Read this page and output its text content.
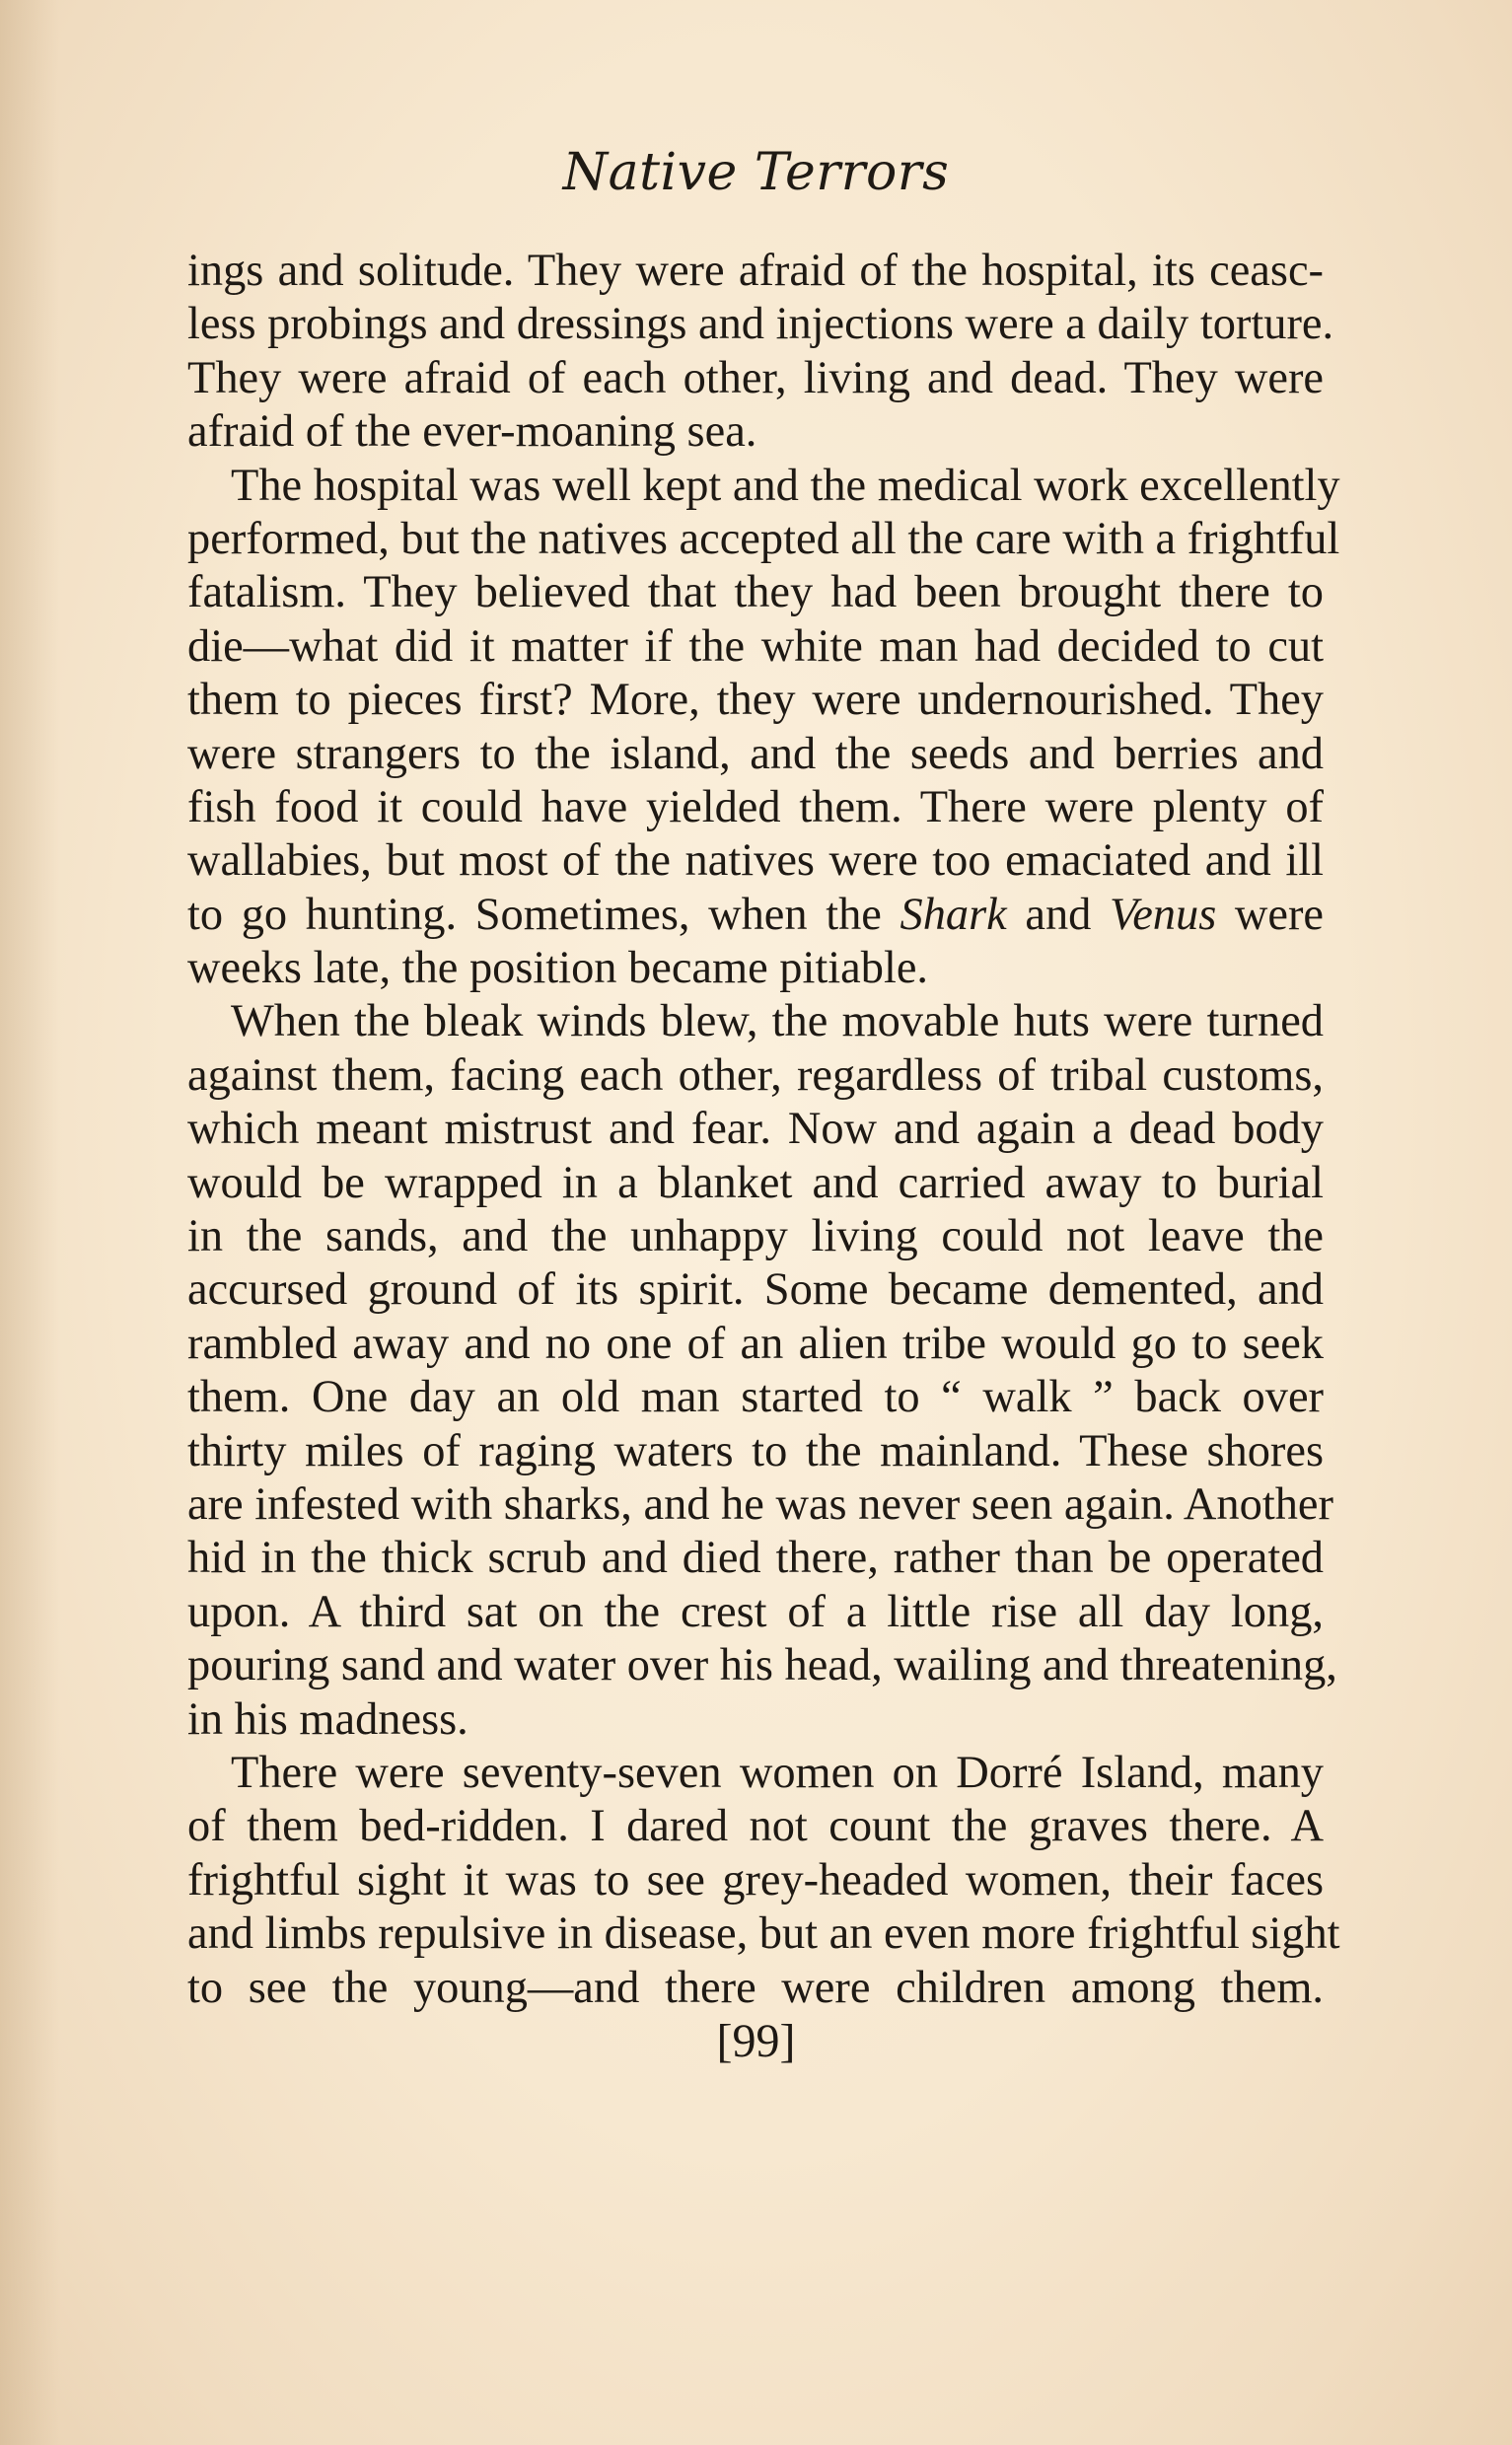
Native Terrors
ings and solitude. They were afraid of the hospital, its ceasc-
less probings and dressings and injections were a daily torture.
They were afraid of each other, living and dead. They were
afraid of the ever-moaning sea.
The hospital was well kept and the medical work excellently
performed, but the natives accepted all the care with a frightful
fatalism. They believed that they had been brought there to
die—what did it matter if the white man had decided to cut
them to pieces first? More, they were undernourished. They
were strangers to the island, and the seeds and berries and
fish food it could have yielded them. There were plenty of
wallabies, but most of the natives were too emaciated and ill
to go hunting. Sometimes, when the Shark and Venus were
weeks late, the position became pitiable.
When the bleak winds blew, the movable huts were turned
against them, facing each other, regardless of tribal customs,
which meant mistrust and fear. Now and again a dead body
would be wrapped in a blanket and carried away to burial
in the sands, and the unhappy living could not leave the
accursed ground of its spirit. Some became demented, and
rambled away and no one of an alien tribe would go to seek
them. One day an old man started to “ walk ” back over
thirty miles of raging waters to the mainland. These shores
are infested with sharks, and he was never seen again. Another
hid in the thick scrub and died there, rather than be operated
upon. A third sat on the crest of a little rise all day long,
pouring sand and water over his head, wailing and threatening,
in his madness.
There were seventy-seven women on Dorré Island, many
of them bed-ridden. I dared not count the graves there. A
frightful sight it was to see grey-headed women, their faces
and limbs repulsive in disease, but an even more frightful sight
to see the young—and there were children among them.
[99]
